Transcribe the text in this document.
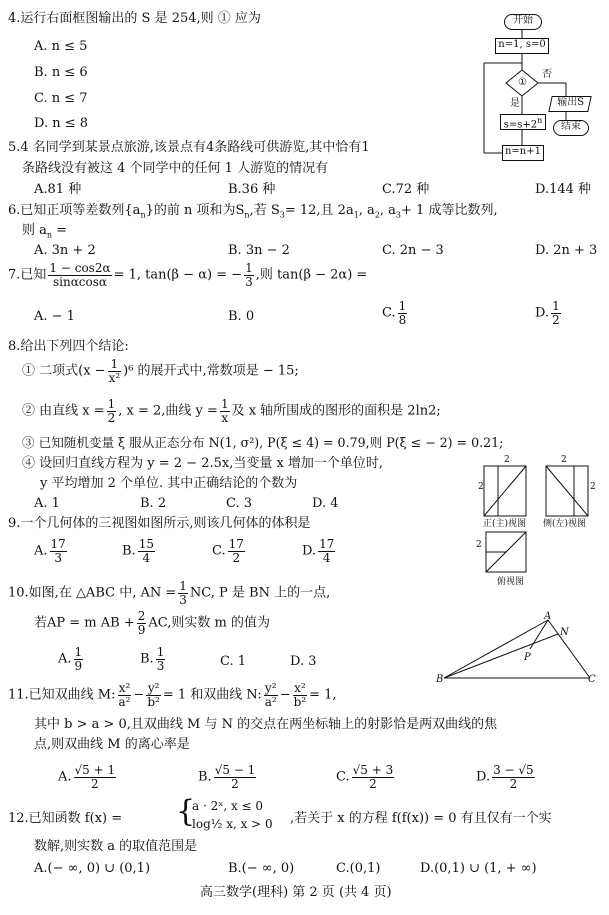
4.运行右面框图输出的 S 是 254,则 ① 应为
A. n ≤ 5
B. n ≤ 6
C. n ≤ 7
D. n ≤ 8
开始
n=1, s=0
①
否
是
$s=s+2^n$
n=n+1
输出S
结束
5.4 名同学到某景点旅游,该景点有4条路线可供游览,其中恰有1
条路线没有被这 4 个同学中的任何 1 人游览的情况有
A.81 种	B.36 种	C.72 种	D.144 种
6.已知正项等差数列$\{a_n\}$的前 n 项和为$S_n$,若 $S_3= 12$,且 $2a_1$, $a_2$, $a_3+ 1$ 成等比数列,
则 $a_n$ =
A. 3n + 2	B. 3n − 2	C. 2n − 3	D. 2n + 3
7.已知 $\frac{1 - \cos 2\alpha}{\sin\alpha\cos\alpha} = 1$, tan(β − α) = − $\frac{1}{3}$ ,则 tan(β − 2α) =
A. − 1	B. 0	C. $\frac{1}{8}$	D. $\frac{1}{2}$
8.给出下列四个结论:
① 二项式$(x - \frac{1}{\text{x²}} )^6$ 的展开式中,常数项是 − 15;
② 由直线 $x = \frac{1}{2}$ , x = 2,曲线 $y = \frac{1}{x}$ 及 x 轴所围成的图形的面积是 2ln2;
③ 已知随机变量 ξ 服从正态分布 N(1, σ²), P(ξ ≤ 4) = 0.79,则 P(ξ ≤ − 2) = 0.21;
④ 设回归直线方程为 y = 2 − 2.5x,当变量 x 增加一个单位时,
y 平均增加 2 个单位. 其中正确结论的个数为
A. 1	B. 2	C. 3	D. 4
2
2
2
2
2
正(主)视图 侧(左)视图
俯视图
9.一个几何体的三视图如图所示,则该几何体的体积是
A. $\frac{17}{3}$	B. $\frac{15}{4}$	C. $\frac{17}{2}$	D. $\frac{17}{4}$
10.如图,在 △ABC 中, AN = $\frac{1}{3}$ NC, P 是 BN 上的一点,
若AP = m AB + $\frac{2}{9}$ AC,则实数 m 的值为
A. $\frac{1}{9}$	B. $\frac{1}{3}$	C. 1	D. 3
A
B	C
N
P
11.已知双曲线 M: $\frac{\text{x²}}{\text{a²}} - \frac{\text{y²}}{\text{b²}} = 1$ 和双曲线 N: $\frac{\text{y²}}{\text{a²}} - \frac{\text{x²}}{\text{b²}} = 1$,
其中 b > a > 0,且双曲线 M 与 N 的交点在两坐标轴上的射影恰是两双曲线的焦
点,则双曲线 M 的离心率是
A. $\frac{√5 + 1}{2}$	B. $\frac{√5 - 1}{2}$	C. $\frac{√5 + 3}{2}$	D. $\frac{3 - √5}{2}$
12.已知函数 f(x) = {
a · 2ˣ, x ≤ 0
log½ x, x > 0 ,若关于 x 的方程 f(f(x)) = 0 有且仅有一个实
数解,则实数 a 的取值范围是
A.(− ∞, 0) ∪ (0,1)	B.(− ∞, 0)	C.(0,1)	D.(0,1) ∪ (1, + ∞)
高三数学(理科) 第 2 页 (共 4 页)
